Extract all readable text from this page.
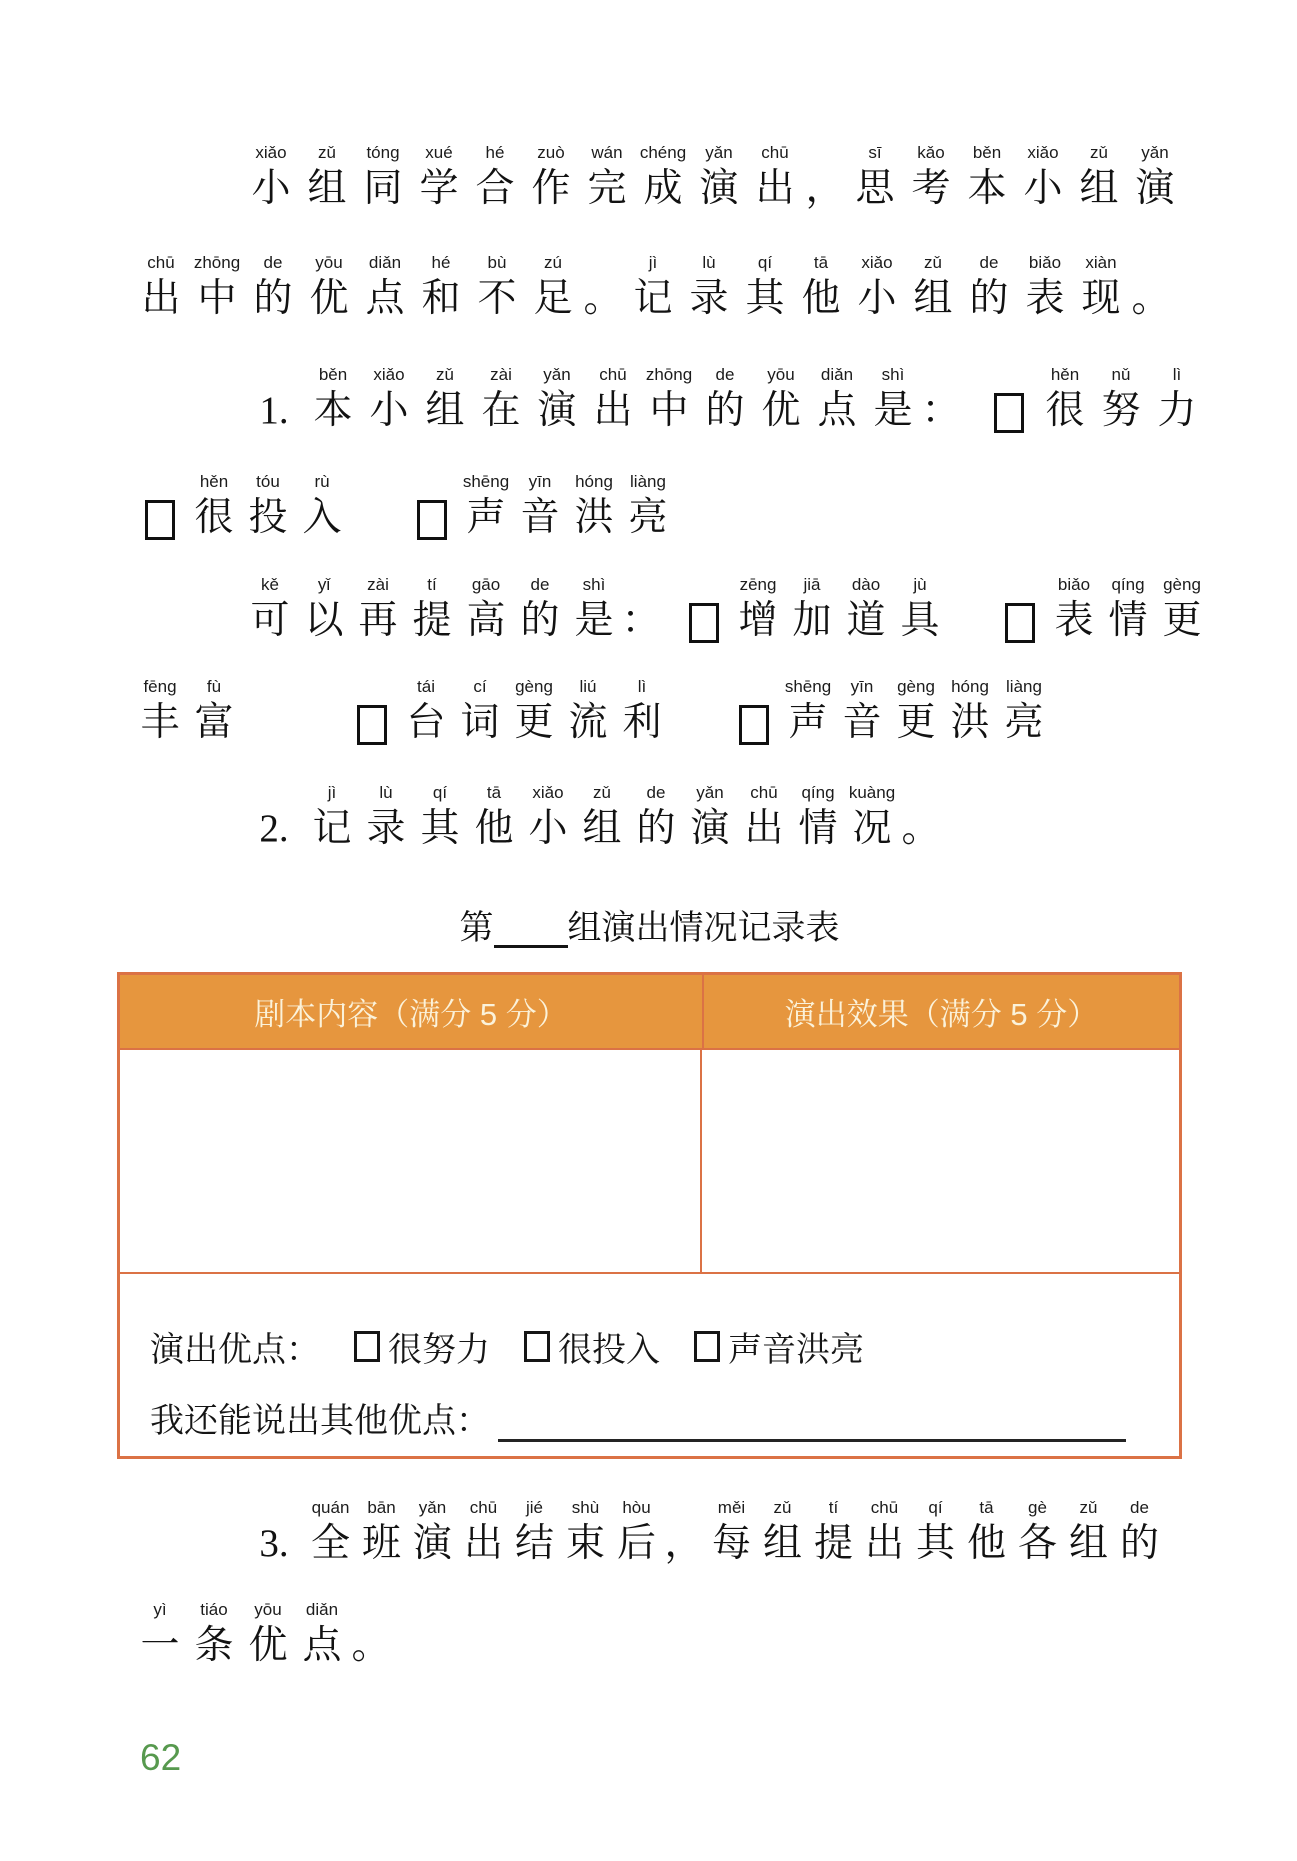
xiǎo
小
zǔ
组
tóng
同
xué
学
hé
合
zuò
作
wán
完
chéng
成
yǎn
演
chū
出 ，
sī
思
kǎo
考
běn
本
xiǎo
小
zǔ
组
yǎn
演
chū
出
zhōng
中
de
的
yōu
优
diǎn
点
hé
和
bù
不
zú
足 。
jì
记
lù
录
qí
其
tā
他
xiǎo
小
zǔ
组
de
的
biǎo
表
xiàn
现 。
1.
běn
本
xiǎo
小
zǔ
组
zài
在
yǎn
演
chū
出
zhōng
中
de
的
yōu
优
diǎn
点
shì
是 ：
hěn
很
nǔ
努
lì
力
hěn
很
tóu
投
rù
入
shēng
声
yīn
音
hóng
洪
liàng
亮
kě
可
yǐ
以
zài
再
tí
提
gāo
高
de
的
shì
是 ：
zēng
增
jiā
加
dào
道
jù
具
biǎo
表
qíng
情
gèng
更
fēng
丰
fù
富
tái
台
cí
词
gèng
更
liú
流
lì
利
shēng
声
yīn
音
gèng
更
hóng
洪
liàng
亮
2.
jì
记
lù
录
qí
其
tā
他
xiǎo
小
zǔ
组
de
的
yǎn
演
chū
出
qíng
情
kuàng
况 。
第 组演出情况记录表
剧本内容（满分 5 分）	演出效果（满分 5 分）
演出优点： 很努力 很投入 声音洪亮
我还能说出其他优点：
3.
quán
全
bān
班
yǎn
演
chū
出
jié
结
shù
束
hòu
后 ，
měi
每
zǔ
组
tí
提
chū
出
qí
其
tā
他
gè
各
zǔ
组
de
的
yì
一
tiáo
条
yōu
优
diǎn
点 。
62
